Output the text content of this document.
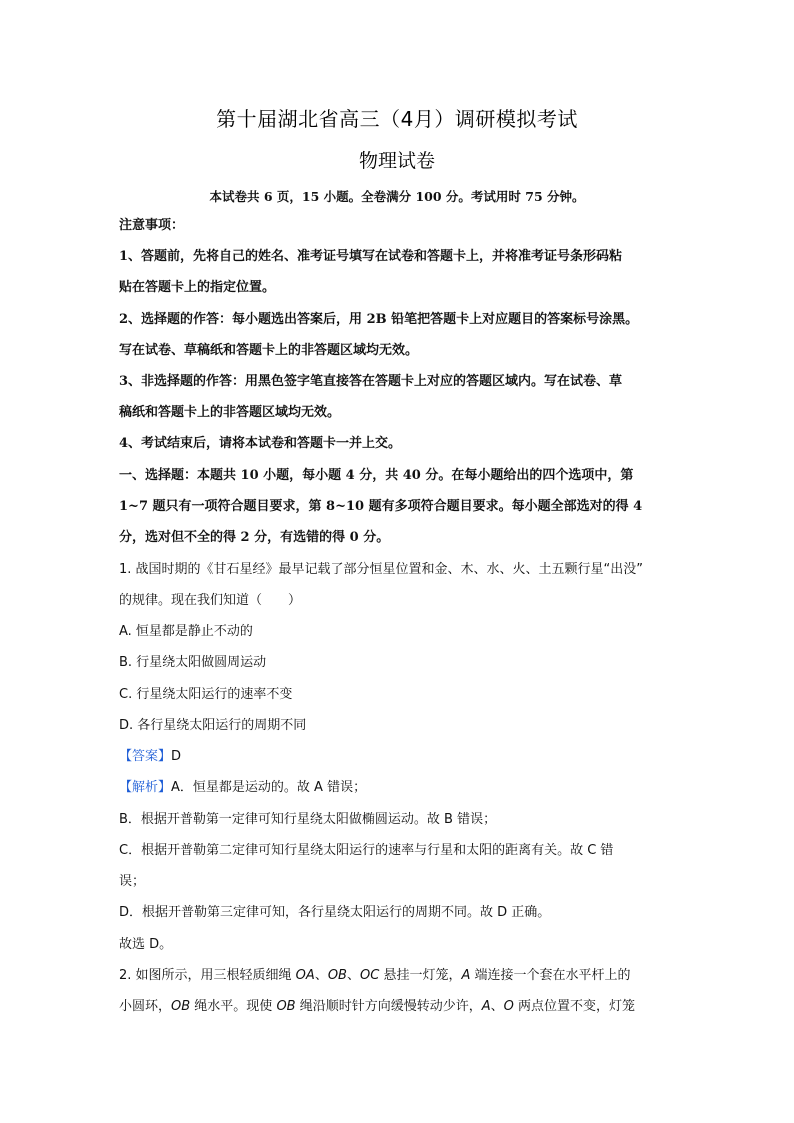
第十届湖北省高三（4月）调研模拟考试
物理试卷
本试卷共 6 页，15 小题。全卷满分 100 分。考试用时 75 分钟。
注意事项：
1、答题前，先将自己的姓名、准考证号填写在试卷和答题卡上，并将准考证号条形码粘
贴在答题卡上的指定位置。
2、选择题的作答：每小题选出答案后，用 2B 铅笔把答题卡上对应题目的答案标号涂黑。
写在试卷、草稿纸和答题卡上的非答题区域均无效。
3、非选择题的作答：用黑色签字笔直接答在答题卡上对应的答题区域内。写在试卷、草
稿纸和答题卡上的非答题区域均无效。
4、考试结束后，请将本试卷和答题卡一并上交。
一、选择题：本题共 10 小题，每小题 4 分，共 40 分。在每小题给出的四个选项中，第
1~7 题只有一项符合题目要求，第 8~10 题有多项符合题目要求。每小题全部选对的得 4
分，选对但不全的得 2 分，有选错的得 0 分。
1. 战国时期的《甘石星经》最早记载了部分恒星位置和金、木、水、火、土五颗行星“出没”
的规律。现在我们知道（　　）
A. 恒星都是静止不动的
B. 行星绕太阳做圆周运动
C. 行星绕太阳运行的速率不变
D. 各行星绕太阳运行的周期不同
【答案】D
【解析】A．恒星都是运动的。故 A 错误；
B．根据开普勒第一定律可知行星绕太阳做椭圆运动。故 B 错误；
C．根据开普勒第二定律可知行星绕太阳运行的速率与行星和太阳的距离有关。故 C 错
误；
D．根据开普勒第三定律可知，各行星绕太阳运行的周期不同。故 D 正确。
故选 D。
2. 如图所示，用三根轻质细绳 OA、OB、OC 悬挂一灯笼，A 端连接一个套在水平杆上的
小圆环，OB 绳水平。现使 OB 绳沿顺时针方向缓慢转动少许，A、O 两点位置不变，灯笼
